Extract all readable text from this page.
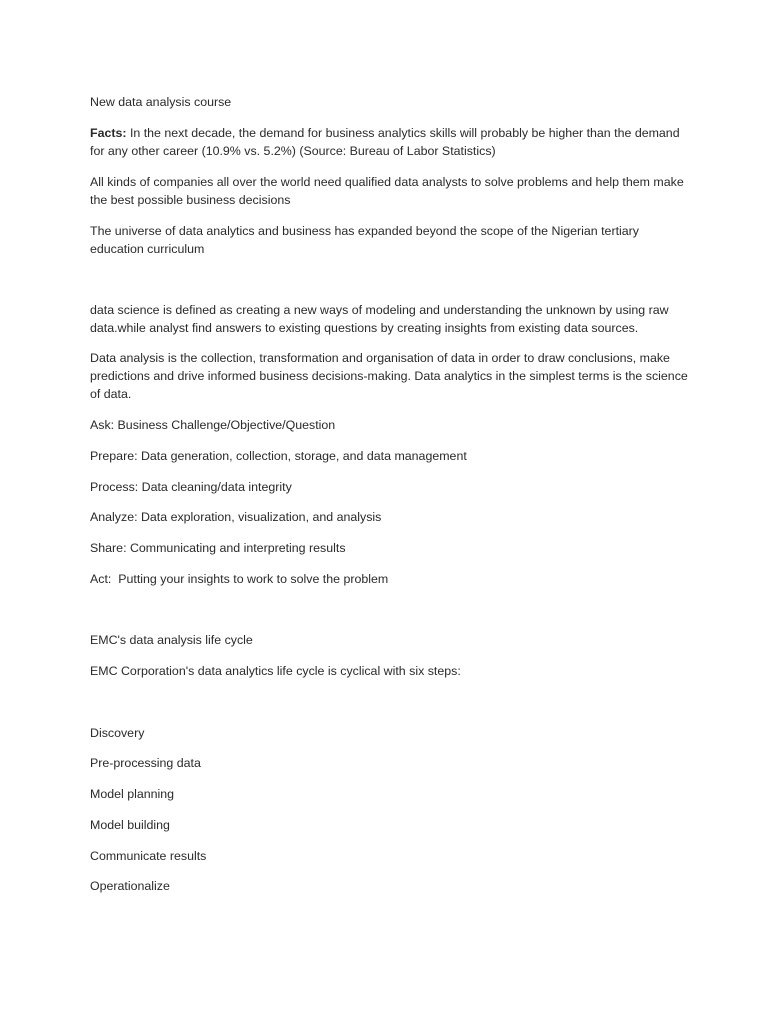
New data analysis course

Facts: In the next decade, the demand for business analytics skills will probably be higher than the demand for any other career (10.9% vs. 5.2%) (Source: Bureau of Labor Statistics)

All kinds of companies all over the world need qualified data analysts to solve problems and help them make the best possible business decisions

The universe of data analytics and business has expanded beyond the scope of the Nigerian tertiary education curriculum

data science is defined as creating a new ways of modeling and understanding the unknown by using raw data.while analyst find answers to existing questions by creating insights from existing data sources.

Data analysis is the collection, transformation and organisation of data in order to draw conclusions, make predictions and drive informed business decisions-making. Data analytics in the simplest terms is the science of data.

Ask: Business Challenge/Objective/Question

Prepare: Data generation, collection, storage, and data management

Process: Data cleaning/data integrity

Analyze: Data exploration, visualization, and analysis

Share: Communicating and interpreting results

Act:  Putting your insights to work to solve the problem

EMC's data analysis life cycle

EMC Corporation's data analytics life cycle is cyclical with six steps:

Discovery

Pre-processing data

Model planning

Model building

Communicate results

Operationalize
